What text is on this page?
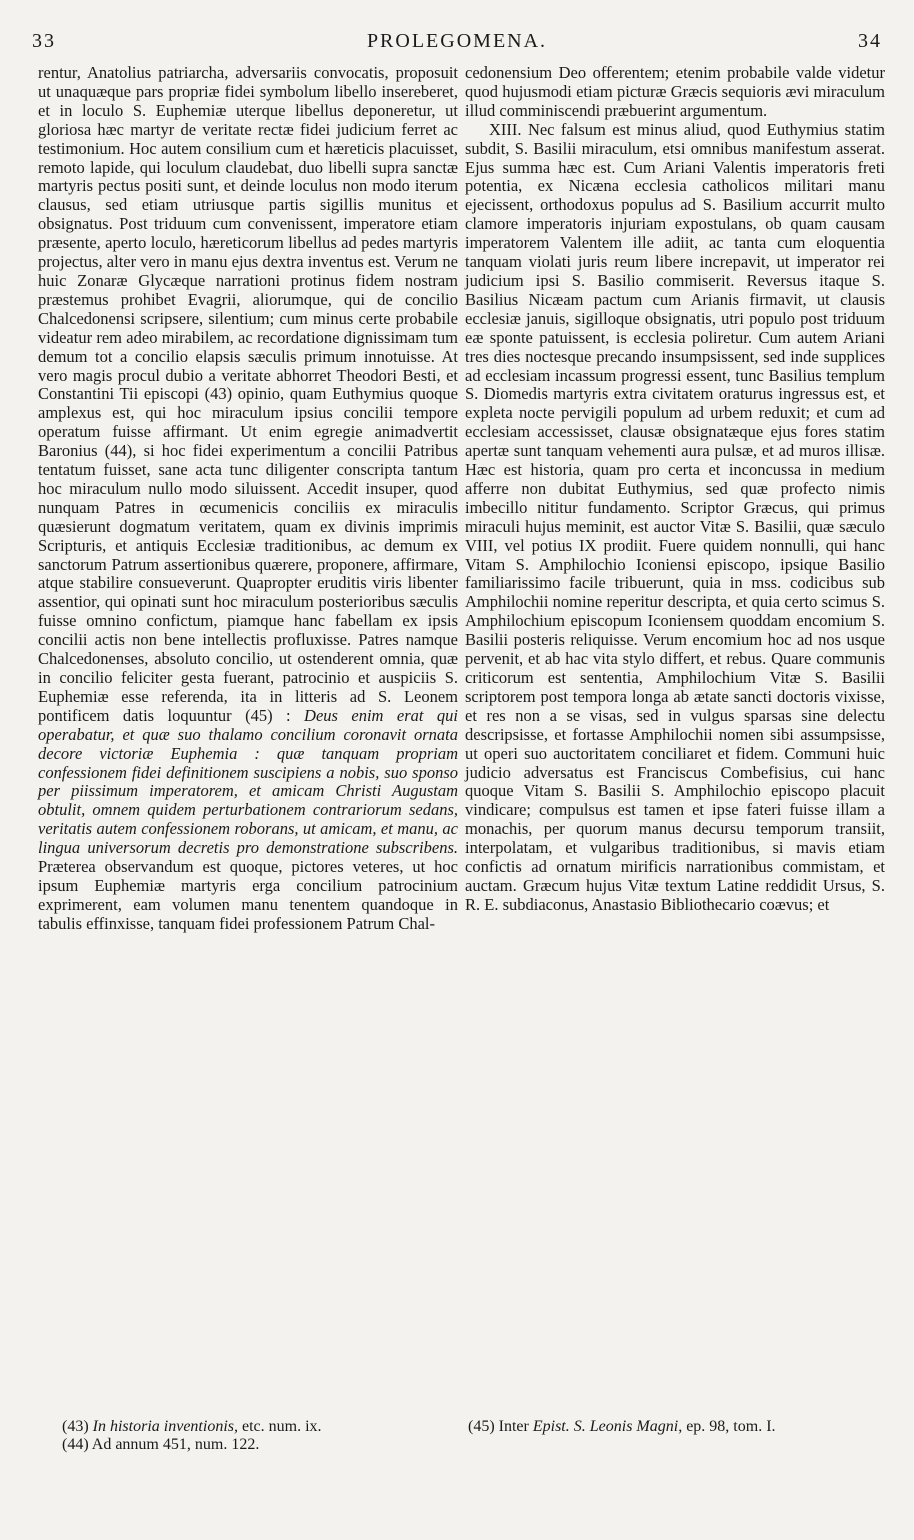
33	PROLEGOMENA.	34

rentur, Anatolius patriarcha, adversariis convocatis, proposuit ut unaquæque pars propriæ fidei symbolum libello insereberet, et in loculo S. Euphemiæ uterque libellus deponeretur, ut gloriosa hæc martyr de veritate rectæ fidei judicium ferret ac testimonium. Hoc autem consilium cum et hæreticis placuisset, remoto lapide, qui loculum claudebat, duo libelli supra sanctæ martyris pectus positi sunt, et deinde loculus non modo iterum clausus, sed etiam utriusque partis sigillis munitus et obsignatus. Post triduum cum convenissent, imperatore etiam præsente, aperto loculo, hæreticorum libellus ad pedes martyris projectus, alter vero in manu ejus dextra inventus est. Verum ne huic Zonaræ Glycæque narrationi protinus fidem nostram præstemus prohibet Evagrii, aliorumque, qui de concilio Chalcedonensi scripsere, silentium; cum minus certe probabile videatur rem adeo mirabilem, ac recordatione dignissimam tum demum tot a concilio elapsis sæculis primum innotuisse. At vero magis procul dubio a veritate abhorret Theodori Besti, et Constantini Tii episcopi (43) opinio, quam Euthymius quoque amplexus est, qui hoc miraculum ipsius concilii tempore operatum fuisse affirmant. Ut enim egregie animadvertit Baronius (44), si hoc fidei experimentum a concilii Patribus tentatum fuisset, sane acta tunc diligenter conscripta tantum hoc miraculum nullo modo siluissent. Accedit insuper, quod nunquam Patres in œcumenicis conciliis ex miraculis quæsierunt dogmatum veritatem, quam ex divinis imprimis Scripturis, et antiquis Ecclesiæ traditionibus, ac demum ex sanctorum Patrum assertionibus quærere, proponere, affirmare, atque stabilire consueverunt. Quapropter eruditis viris libenter assentior, qui opinati sunt hoc miraculum posterioribus sæculis fuisse omnino confictum, piamque hanc fabellam ex ipsis concilii actis non bene intellectis profluxisse. Patres namque Chalcedonenses, absoluto concilio, ut ostenderent omnia, quæ in concilio feliciter gesta fuerant, patrocinio et auspiciis S. Euphemiæ esse referenda, ita in litteris ad S. Leonem pontificem datis loquuntur (45) : Deus enim erat qui operabatur, et quæ suo thalamo concilium coronavit ornata decore victoriæ Euphemia : quæ tanquam propriam confessionem fidei definitionem suscipiens a nobis, suo sponso per piissimum imperatorem, et amicam Christi Augustam obtulit, omnem quidem perturbationem contrariorum sedans, veritatis autem confessionem roborans, ut amicam, et manu, ac lingua universorum decretis pro demonstratione subscribens. Præterea observandum est quoque, pictores veteres, ut hoc ipsum Euphemiæ martyris erga concilium patrocinium exprimerent, eam volumen manu tenentem quandoque in tabulis effinxisse, tanquam fidei professionem Patrum Chal-

cedonensium Deo offerentem; etenim probabile valde videtur quod hujusmodi etiam picturæ Græcis sequioris ævi miraculum illud comminiscendi præbuerint argumentum.

XIII. Nec falsum est minus aliud, quod Euthymius statim subdit, S. Basilii miraculum, etsi omnibus manifestum asserat. Ejus summa hæc est. Cum Ariani Valentis imperatoris freti potentia, ex Nicæna ecclesia catholicos militari manu ejecissent, orthodoxus populus ad S. Basilium accurrit multo clamore imperatoris injuriam expostulans, ob quam causam imperatorem Valentem ille adiit, ac tanta cum eloquentia tanquam violati juris reum libere increpavit, ut imperator rei judicium ipsi S. Basilio commiserit. Reversus itaque S. Basilius Nicæam pactum cum Arianis firmavit, ut clausis ecclesiæ januis, sigilloque obsignatis, utri populo post triduum eæ sponte patuissent, is ecclesia poliretur. Cum autem Ariani tres dies noctesque precando insumpsissent, sed inde supplices ad ecclesiam incassum progressi essent, tunc Basilius templum S. Diomedis martyris extra civitatem oraturus ingressus est, et expleta nocte pervigili populum ad urbem reduxit; et cum ad ecclesiam accessisset, clausæ obsignatæque ejus fores statim apertæ sunt tanquam vehementi aura pulsæ, et ad muros illisæ. Hæc est historia, quam pro certa et inconcussa in medium afferre non dubitat Euthymius, sed quæ profecto nimis imbecillo nititur fundamento. Scriptor Græcus, qui primus miraculi hujus meminit, est auctor Vitæ S. Basilii, quæ sæculo VIII, vel potius IX prodiit. Fuere quidem nonnulli, qui hanc Vitam S. Amphilochio Iconiensi episcopo, ipsique Basilio familiarissimo facile tribuerunt, quia in mss. codicibus sub Amphilochii nomine reperitur descripta, et quia certo scimus S. Amphilochium episcopum Iconiensem quoddam encomium S. Basilii posteris reliquisse. Verum encomium hoc ad nos usque pervenit, et ab hac vita stylo differt, et rebus. Quare communis criticorum est sententia, Amphilochium Vitæ S. Basilii scriptorem post tempora longa ab ætate sancti doctoris vixisse, et res non a se visas, sed in vulgus sparsas sine delectu descripsisse, et fortasse Amphilochii nomen sibi assumpsisse, ut operi suo auctoritatem conciliaret et fidem. Communi huic judicio adversatus est Franciscus Combefisius, cui hanc quoque Vitam S. Basilii S. Amphilochio episcopo placuit vindicare; compulsus est tamen et ipse fateri fuisse illam a monachis, per quorum manus decursu temporum transiit, interpolatam, et vulgaribus traditionibus, si mavis etiam confictis ad ornatum mirificis narrationibus commistam, et auctam. Græcum hujus Vitæ textum Latine reddidit Ursus, S. R. E. subdiaconus, Anastasio Bibliothecario coævus; et

(43) In historia inventionis, etc. num. ix.
(44) Ad annum 451, num. 122.
(45) Inter Epist. S. Leonis Magni, ep. 98, tom. I.
